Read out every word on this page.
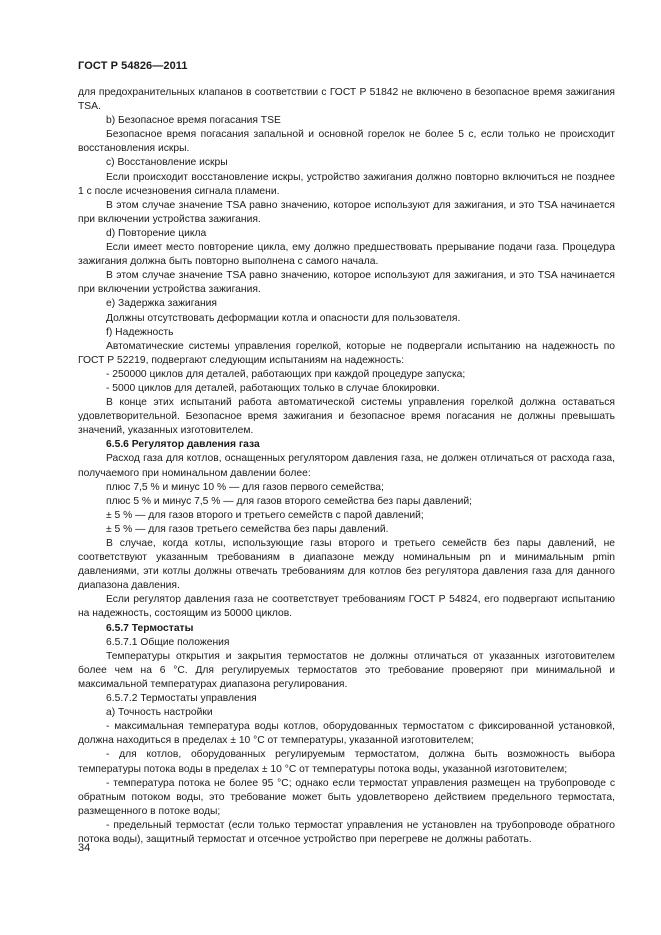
ГОСТ Р 54826—2011

для предохранительных клапанов в соответствии с ГОСТ Р 51842 не включено в безопасное время зажигания TSA.

b) Безопасное время погасания TSE

Безопасное время погасания запальной и основной горелок не более 5 с, если только не происходит восстановления искры.

c) Восстановление искры

Если происходит восстановление искры, устройство зажигания должно повторно включиться не позднее 1 с после исчезновения сигнала пламени.

В этом случае значение TSA равно значению, которое используют для зажигания, и это TSA начинается при включении устройства зажигания.

d) Повторение цикла

Если имеет место повторение цикла, ему должно предшествовать прерывание подачи газа. Процедура зажигания должна быть повторно выполнена с самого начала.

В этом случае значение TSA равно значению, которое используют для зажигания, и это TSA начинается при включении устройства зажигания.

е) Задержка зажигания

Должны отсутствовать деформации котла и опасности для пользователя.

f) Надежность

Автоматические системы управления горелкой, которые не подвергали испытанию на надежность по ГОСТ Р 52219, подвергают следующим испытаниям на надежность:

- 250000 циклов для деталей, работающих при каждой процедуре запуска;

- 5000 циклов для деталей, работающих только в случае блокировки.

В конце этих испытаний работа автоматической системы управления горелкой должна оставаться удовлетворительной. Безопасное время зажигания и безопасное время погасания не должны превышать значений, указанных изготовителем.

6.5.6 Регулятор давления газа

Расход газа для котлов, оснащенных регулятором давления газа, не должен отличаться от расхода газа, получаемого при номинальном давлении более:

плюс 7,5 % и минус 10 % — для газов первого семейства;

плюс 5 % и минус 7,5 % — для газов второго семейства без пары давлений;

± 5 % — для газов второго и третьего семейств с парой давлений;

± 5 % — для газов третьего семейства без пары давлений.

В случае, когда котлы, использующие газы второго и третьего семейств без пары давлений, не соответствуют указанным требованиям в диапазоне между номинальным pn и минимальным pmin давлениями, эти котлы должны отвечать требованиям для котлов без регулятора давления газа для данного диапазона давления.

Если регулятор давления газа не соответствует требованиям ГОСТ Р 54824, его подвергают испытанию на надежность, состоящим из 50000 циклов.

6.5.7 Термостаты

6.5.7.1 Общие положения

Температуры открытия и закрытия термостатов не должны отличаться от указанных изготовителем более чем на 6 °С. Для регулируемых термостатов это требование проверяют при минимальной и максимальной температурах диапазона регулирования.

6.5.7.2 Термостаты управления

а) Точность настройки

- максимальная температура воды котлов, оборудованных термостатом с фиксированной установкой, должна находиться в пределах ± 10 °С от температуры, указанной изготовителем;

- для котлов, оборудованных регулируемым термостатом, должна быть возможность выбора температуры потока воды в пределах ± 10 °С от температуры потока воды, указанной изготовителем;

- температура потока не более 95 °С; однако если термостат управления размещен на трубопроводе с обратным потоком воды, это требование может быть удовлетворено действием предельного термостата, размещенного в потоке воды;

- предельный термостат (если только термостат управления не установлен на трубопроводе обратного потока воды), защитный термостат и отсечное устройство при перегреве не должны работать.

34
